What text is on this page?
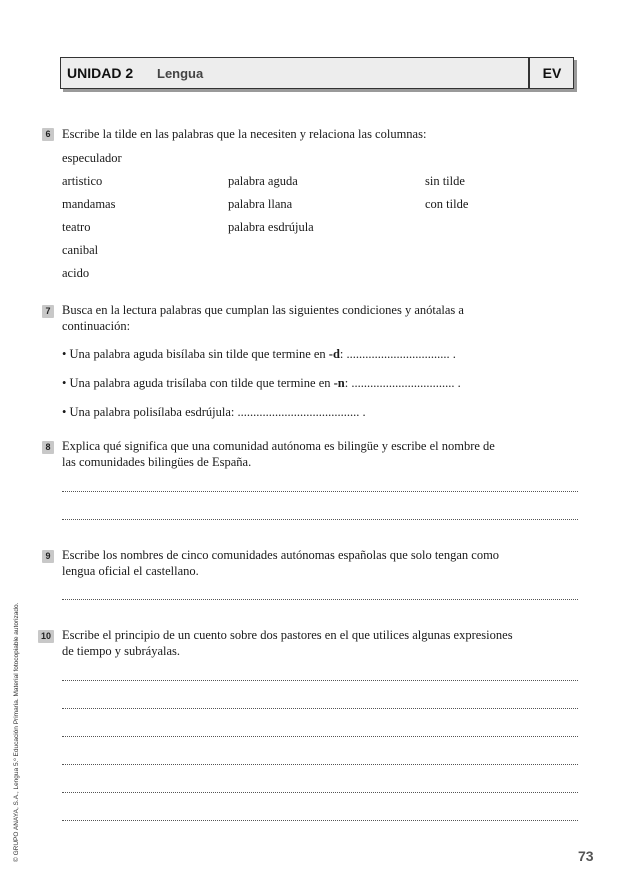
UNIDAD 2 Lengua	EV
6 Escribe la tilde en las palabras que la necesiten y relaciona las columnas:
especulador
artistico
mandamas
teatro
canibal
acido
palabra aguda
palabra llana
palabra esdrújula
sin tilde
con tilde
7 Busca en la lectura palabras que cumplan las siguientes condiciones y anótalas a
continuación:
• Una palabra aguda bisílaba sin tilde que termine en -d: ................................. .
• Una palabra aguda trisílaba con tilde que termine en -n: ................................. .
• Una palabra polisílaba esdrújula: ....................................... .
8 Explica qué significa que una comunidad autónoma es bilingüe y escribe el nombre de
las comunidades bilingües de España.
9 Escribe los nombres de cinco comunidades autónomas españolas que solo tengan como
lengua oficial el castellano.
10 Escribe el principio de un cuento sobre dos pastores en el que utilices algunas expresiones
de tiempo y subráyalas.
© GRUPO ANAYA, S.A., Lengua 5.º Educación Primaria. Material fotocopiable autorizado.	73
